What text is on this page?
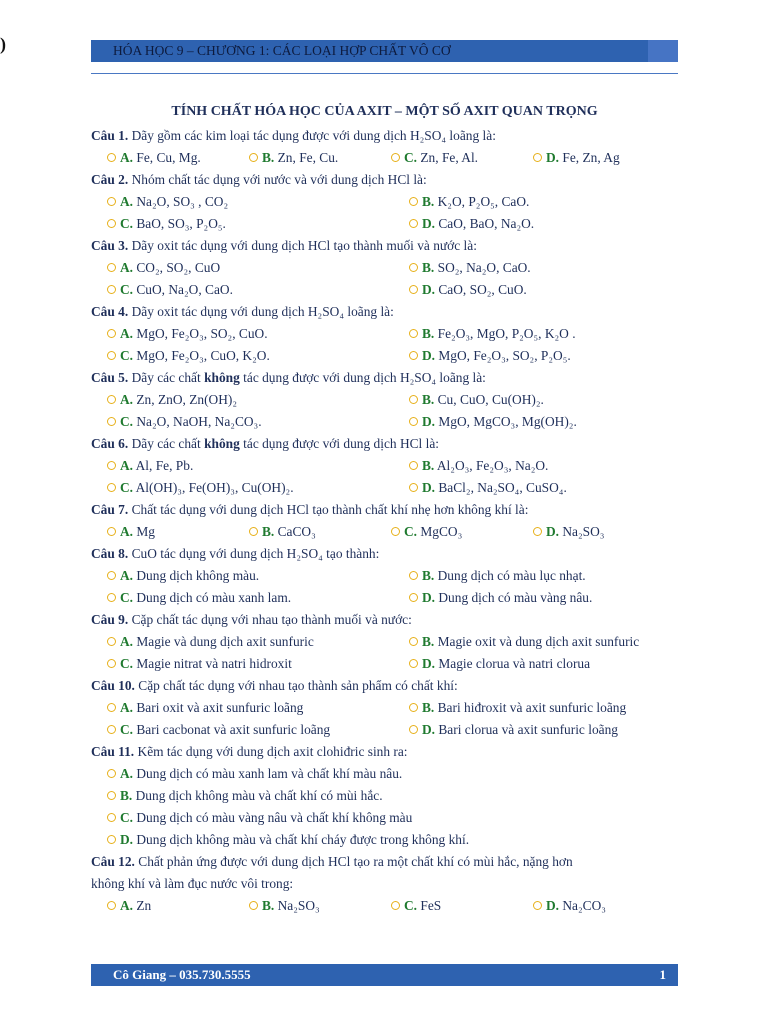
)	HÓA HỌC 9 – CHƯƠNG 1: CÁC LOẠI HỢP CHẤT VÔ CƠ
TÍNH CHẤT HÓA HỌC CỦA AXIT – MỘT SỐ AXIT QUAN TRỌNG
Câu 1. Dãy gồm các kim loại tác dụng được với dung dịch H₂SO₄ loãng là:
A. Fe, Cu, Mg.	B. Zn, Fe, Cu.	C. Zn, Fe, Al.	D. Fe, Zn, Ag
Câu 2. Nhóm chất tác dụng với nước và với dung dịch HCl là:
A. Na₂O, SO₃ , CO₂	B. K₂O, P₂O₅, CaO.
C. BaO, SO₃, P₂O₅.	D. CaO, BaO, Na₂O.
Câu 3. Dãy oxit tác dụng với dung dịch HCl tạo thành muối và nước là:
A. CO₂, SO₂, CuO	B. SO₂, Na₂O, CaO.
C. CuO, Na₂O, CaO.	D. CaO, SO₂, CuO.
Câu 4. Dãy oxit tác dụng với dung dịch H₂SO₄ loãng là:
A. MgO, Fe₂O₃, SO₂, CuO.	B. Fe₂O₃, MgO, P₂O₅, K₂O .
C. MgO, Fe₂O₃, CuO, K₂O.	D. MgO, Fe₂O₃, SO₂, P₂O₅.
Câu 5. Dãy các chất không tác dụng được với dung dịch H₂SO₄ loãng là:
A. Zn, ZnO, Zn(OH)₂	B. Cu, CuO, Cu(OH)₂.
C. Na₂O, NaOH, Na₂CO₃.	D. MgO, MgCO₃, Mg(OH)₂.
Câu 6. Dãy các chất không tác dụng được với dung dịch HCl là:
A. Al, Fe, Pb.	B. Al₂O₃, Fe₂O₃, Na₂O.
C. Al(OH)₃, Fe(OH)₃, Cu(OH)₂.	D. BaCl₂, Na₂SO₄, CuSO₄.
Câu 7. Chất tác dụng với dung dịch HCl tạo thành chất khí nhẹ hơn không khí là:
A. Mg	B. CaCO₃	C. MgCO₃	D. Na₂SO₃
Câu 8. CuO tác dụng với dung dịch H₂SO₄ tạo thành:
A. Dung dịch không màu.	B. Dung dịch có màu lục nhạt.
C. Dung dịch có màu xanh lam.	D. Dung dịch có màu vàng nâu.
Câu 9. Cặp chất tác dụng với nhau tạo thành muối và nước:
A. Magie và dung dịch axit sunfuric	B. Magie oxit và dung dịch axit sunfuric
C. Magie nitrat và natri hidroxit	D. Magie clorua và natri clorua
Câu 10. Cặp chất tác dụng với nhau tạo thành sản phẩm có chất khí:
A. Bari oxit và axit sunfuric loãng	B. Bari hiđroxit và axit sunfuric loãng
C. Bari cacbonat và axit sunfuric loãng	D. Bari clorua và axit sunfuric loãng
Câu 11. Kẽm tác dụng với dung dịch axit clohiđric sinh ra:
A. Dung dịch có màu xanh lam và chất khí màu nâu.
B. Dung dịch không màu và chất khí có mùi hắc.
C. Dung dịch có màu vàng nâu và chất khí không màu
D. Dung dịch không màu và chất khí cháy được trong không khí.
Câu 12. Chất phản ứng được với dung dịch HCl tạo ra một chất khí có mùi hắc, nặng hơn
không khí và làm đục nước vôi trong:
A. Zn	B. Na₂SO₃	C. FeS	D. Na₂CO₃
Cô Giang – 035.730.5555	1
